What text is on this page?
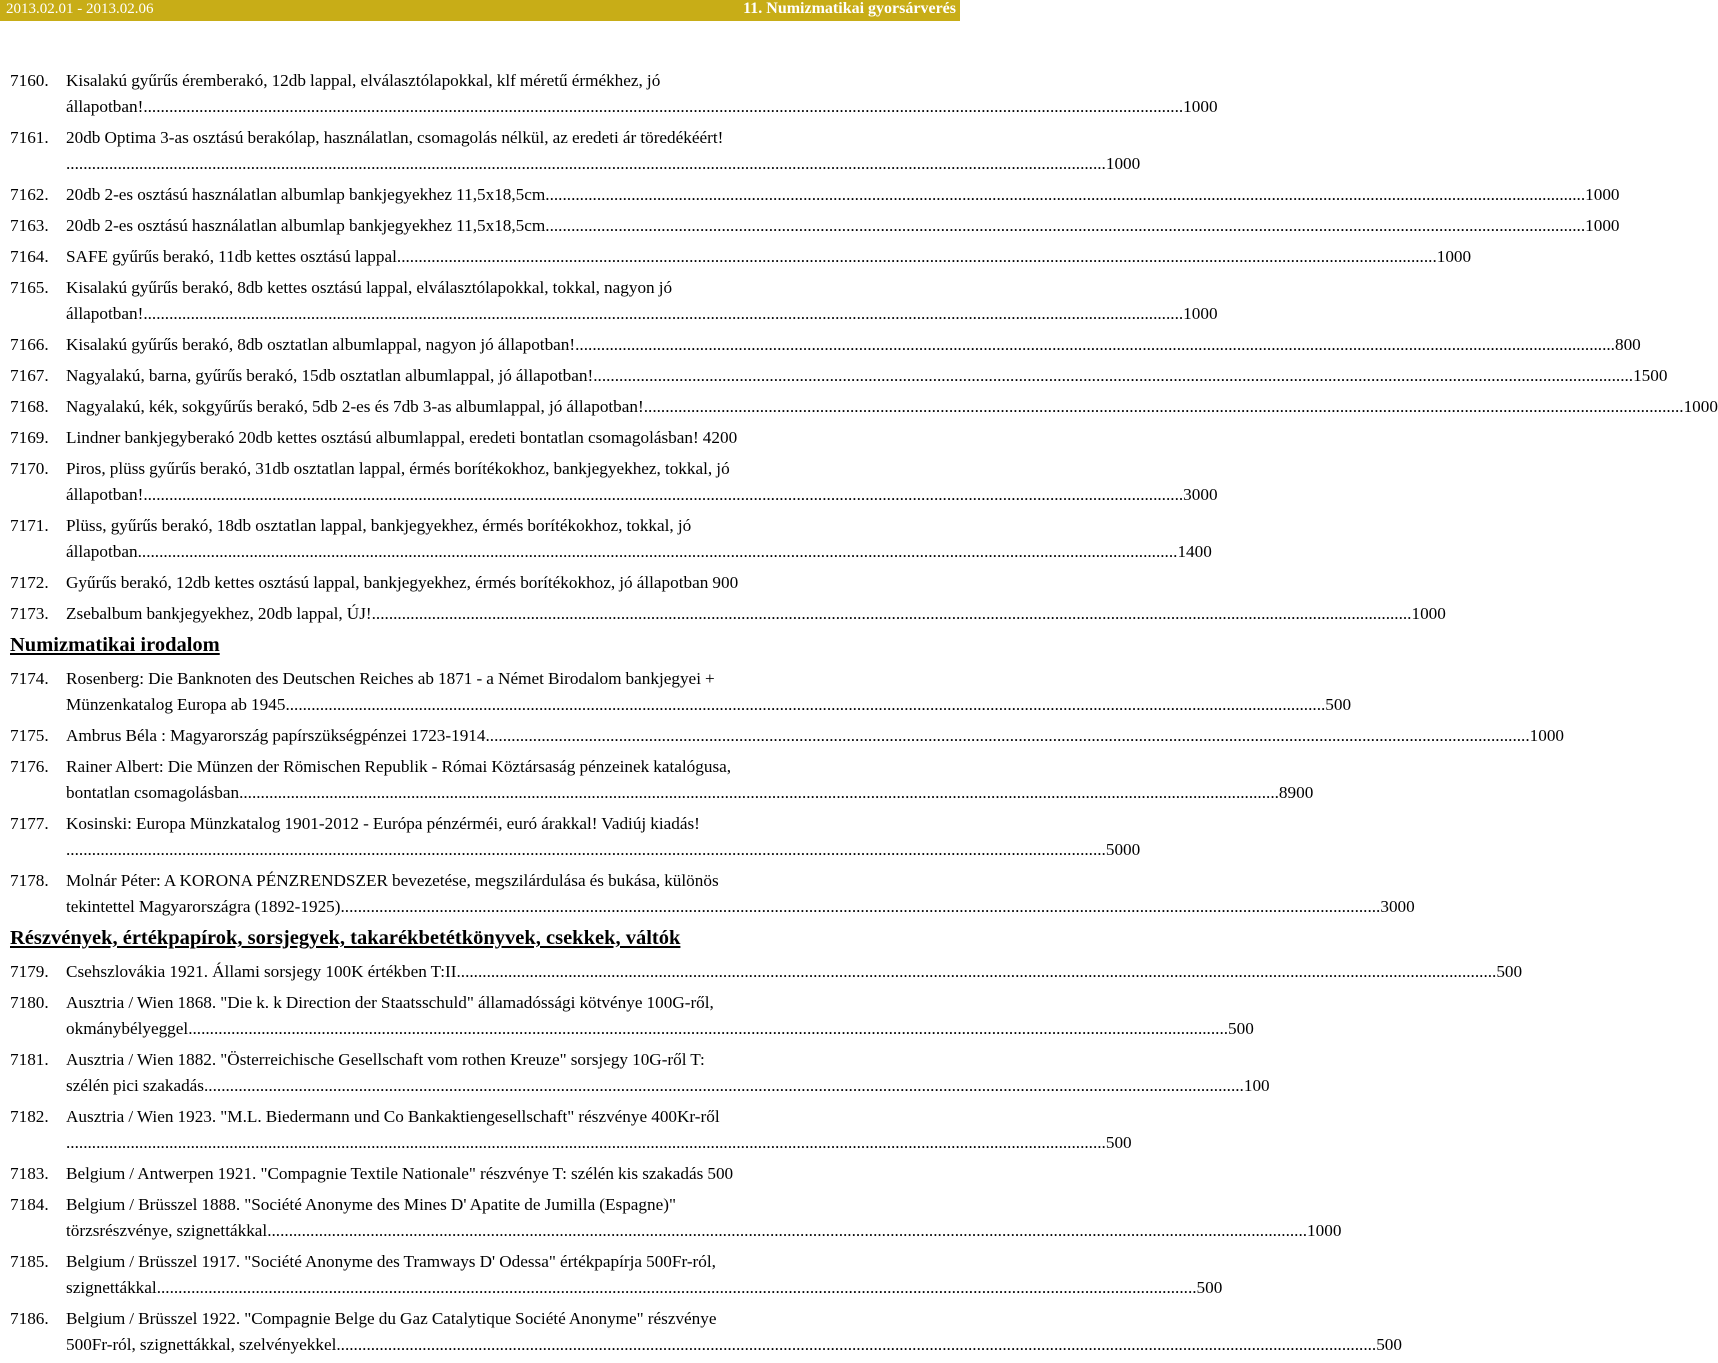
2013.02.01 - 2013.02.06	11. Numizmatikai gyorsárverés
7160.	Kisalakú gyűrűs éremberakó, 12db lappal, elválasztólapokkal, klf méretű érmékhez, jó
állapotban! .....	1000
7161.	20db Optima 3-as osztású berakólap, használatlan, csomagolás nélkül, az eredeti ár töredékéért!
.....
1000
7162.	20db 2-es osztású használatlan albumlap bankjegyekhez 11,5x18,5cm .....	1000
7163.	20db 2-es osztású használatlan albumlap bankjegyekhez 11,5x18,5cm .....	1000
7164.	SAFE gyűrűs berakó, 11db kettes osztású lappal .....	1000
7165.	Kisalakú gyűrűs berakó, 8db kettes osztású lappal, elválasztólapokkal, tokkal, nagyon jó
állapotban! .....	1000
7166.	Kisalakú gyűrűs berakó, 8db osztatlan albumlappal, nagyon jó állapotban! .....	800
7167.	Nagyalakú, barna, gyűrűs berakó, 15db osztatlan albumlappal, jó állapotban! .....	1500
7168.	Nagyalakú, kék, sokgyűrűs berakó, 5db 2-es és 7db 3-as albumlappal, jó állapotban! .....	1000
7169.	Lindner bankjegyberakó 20db kettes osztású albumlappal, eredeti bontatlan csomagolásban! 4200
7170.	Piros, plüss gyűrűs berakó, 31db osztatlan lappal, érmés borítékokhoz, bankjegyekhez, tokkal, jó
állapotban! .....	3000
7171.	Plüss, gyűrűs berakó, 18db osztatlan lappal, bankjegyekhez, érmés borítékokhoz, tokkal, jó
állapotban .....	1400
7172.	Gyűrűs berakó, 12db kettes osztású lappal, bankjegyekhez, érmés borítékokhoz, jó állapotban 900
7173.	Zsebalbum bankjegyekhez, 20db lappal, ÚJ! .....	1000
Numizmatikai irodalom
7174.	Rosenberg: Die Banknoten des Deutschen Reiches ab 1871 - a Német Birodalom bankjegyei +
Münzenkatalog Europa ab 1945 .....	500
7175.	Ambrus Béla : Magyarország papírszükségpénzei 1723-1914. .....	1000
7176.	Rainer Albert: Die Münzen der Römischen Republik - Római Köztársaság pénzeinek katalógusa,
bontatlan csomagolásban .....	8900
7177.	Kosinski: Europa Münzkatalog 1901-2012 - Európa pénzérméi, euró árakkal! Vadiúj kiadás!
.....
5000
7178.	Molnár Péter: A KORONA PÉNZRENDSZER bevezetése, megszilárdulása és bukása, különös
tekintettel Magyarországra (1892-1925) .....	3000
Részvények, értékpapírok, sorsjegyek, takarékbetétkönyvek, csekkek, váltók
7179.	Csehszlovákia 1921. Állami sorsjegy 100K értékben T:II .....	500
7180.	Ausztria / Wien 1868. "Die k. k Direction der Staatsschuld" államadóssági kötvénye 100G-ről,
okmánybélyeggel .....	500
7181.	Ausztria / Wien 1882. "Österreichische Gesellschaft vom rothen Kreuze" sorsjegy 10G-ről T:
szélén pici szakadás .....	100
7182.	Ausztria / Wien 1923. "M.L. Biedermann und Co Bankaktiengesellschaft" részvénye 400Kr-ről
.....
500
7183.	Belgium / Antwerpen 1921. "Compagnie Textile Nationale" részvénye T: szélén kis szakadás 500
7184.	Belgium / Brüsszel 1888. "Société Anonyme des Mines D' Apatite de Jumilla (Espagne)"
törzsrészvénye, szignettákkal .....	1000
7185.	Belgium / Brüsszel 1917. "Société Anonyme des Tramways D' Odessa" értékpapírja 500Fr-ról,
szignettákkal .....	500
7186.	Belgium / Brüsszel 1922. "Compagnie Belge du Gaz Catalytique Société Anonyme" részvénye
500Fr-ról, szignettákkal, szelvényekkel .....	500
